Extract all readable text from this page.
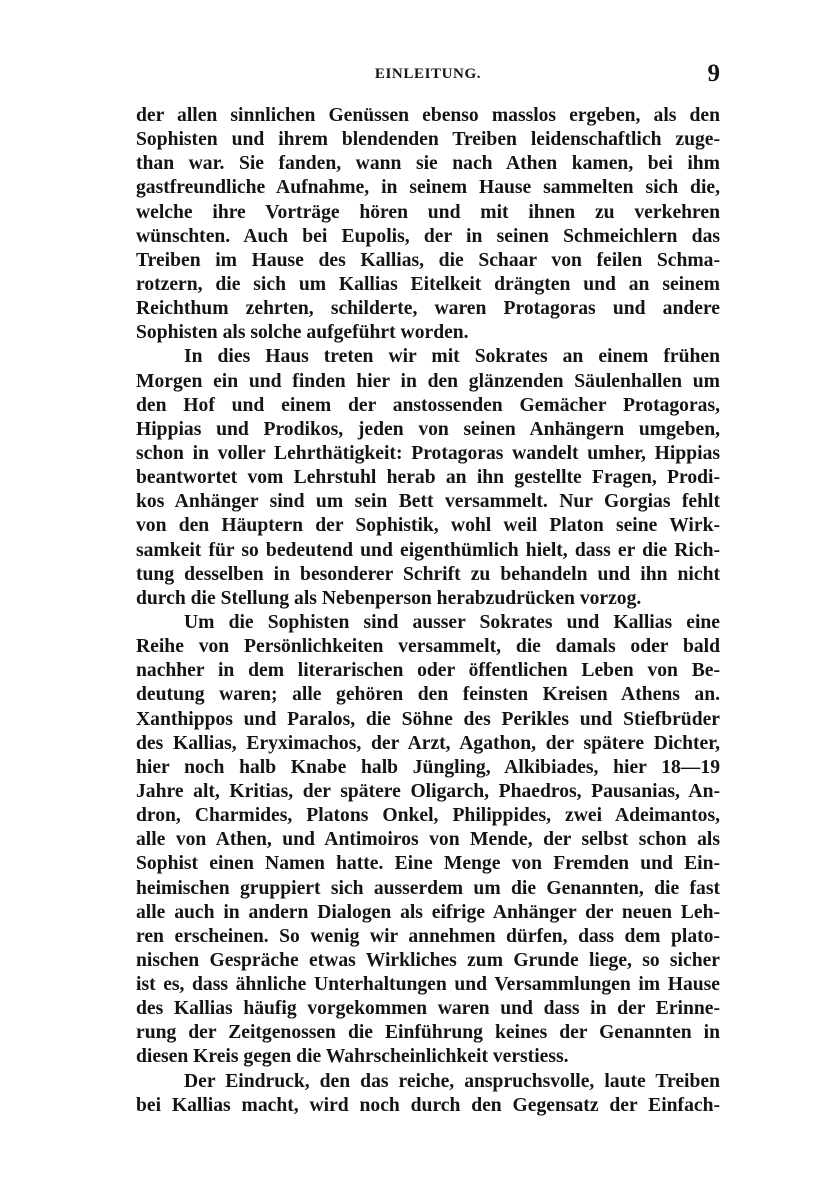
EINLEITUNG.	9
der allen sinnlichen Genüssen ebenso masslos ergeben, als den
Sophisten und ihrem blendenden Treiben leidenschaftlich zuge-
than war. Sie fanden, wann sie nach Athen kamen, bei ihm
gastfreundliche Aufnahme, in seinem Hause sammelten sich die,
welche ihre Vorträge hören und mit ihnen zu verkehren
wünschten. Auch bei Eupolis, der in seinen Schmeichlern das
Treiben im Hause des Kallias, die Schaar von feilen Schma-
rotzern, die sich um Kallias Eitelkeit drängten und an seinem
Reichthum zehrten, schilderte, waren Protagoras und andere
Sophisten als solche aufgeführt worden.
In dies Haus treten wir mit Sokrates an einem frühen
Morgen ein und finden hier in den glänzenden Säulenhallen um
den Hof und einem der anstossenden Gemächer Protagoras,
Hippias und Prodikos, jeden von seinen Anhängern umgeben,
schon in voller Lehrthätigkeit: Protagoras wandelt umher, Hippias
beantwortet vom Lehrstuhl herab an ihn gestellte Fragen, Prodi-
kos Anhänger sind um sein Bett versammelt. Nur Gorgias fehlt
von den Häuptern der Sophistik, wohl weil Platon seine Wirk-
samkeit für so bedeutend und eigenthümlich hielt, dass er die Rich-
tung desselben in besonderer Schrift zu behandeln und ihn nicht
durch die Stellung als Nebenperson herabzudrücken vorzog.
Um die Sophisten sind ausser Sokrates und Kallias eine
Reihe von Persönlichkeiten versammelt, die damals oder bald
nachher in dem literarischen oder öffentlichen Leben von Be-
deutung waren; alle gehören den feinsten Kreisen Athens an.
Xanthippos und Paralos, die Söhne des Perikles und Stiefbrüder
des Kallias, Eryximachos, der Arzt, Agathon, der spätere Dichter,
hier noch halb Knabe halb Jüngling, Alkibiades, hier 18—19
Jahre alt, Kritias, der spätere Oligarch, Phaedros, Pausanias, An-
dron, Charmides, Platons Onkel, Philippides, zwei Adeimantos,
alle von Athen, und Antimoiros von Mende, der selbst schon als
Sophist einen Namen hatte. Eine Menge von Fremden und Ein-
heimischen gruppiert sich ausserdem um die Genannten, die fast
alle auch in andern Dialogen als eifrige Anhänger der neuen Leh-
ren erscheinen. So wenig wir annehmen dürfen, dass dem plato-
nischen Gespräche etwas Wirkliches zum Grunde liege, so sicher
ist es, dass ähnliche Unterhaltungen und Versammlungen im Hause
des Kallias häufig vorgekommen waren und dass in der Erinne-
rung der Zeitgenossen die Einführung keines der Genannten in
diesen Kreis gegen die Wahrscheinlichkeit verstiess.
Der Eindruck, den das reiche, anspruchsvolle, laute Treiben
bei Kallias macht, wird noch durch den Gegensatz der Einfach-
